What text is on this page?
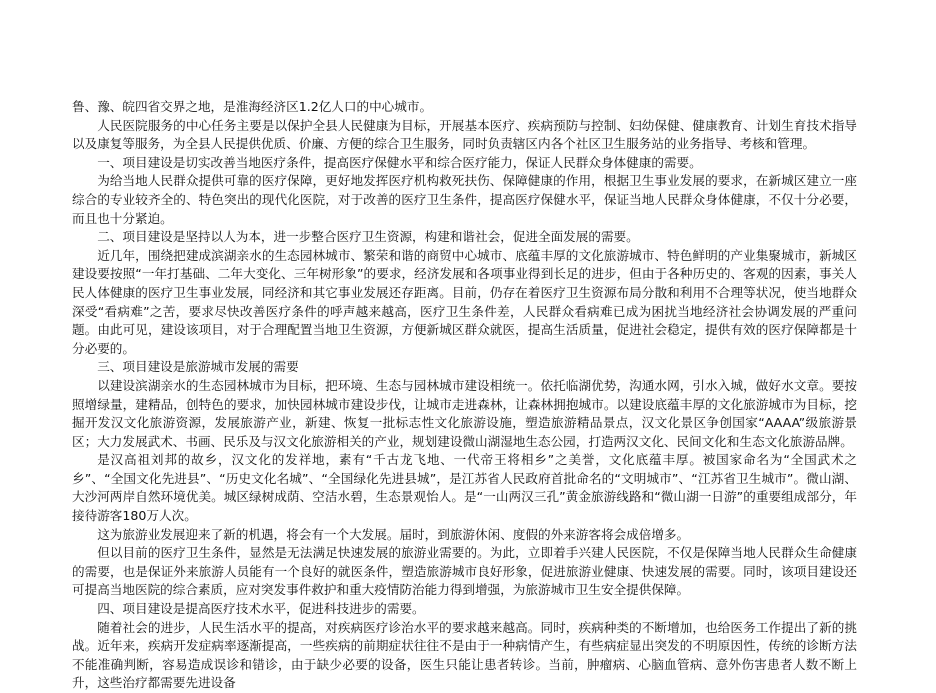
鲁、豫、皖四省交界之地，是淮海经济区1.2亿人口的中心城市。

人民医院服务的中心任务主要是以保护全县人民健康为目标，开展基本医疗、疾病预防与控制、妇幼保健、健康教育、计划生育技术指导以及康复等服务，为全县人民提供优质、价廉、方便的综合卫生服务，同时负责辖区内各个社区卫生服务站的业务指导、考核和管理。

一、项目建设是切实改善当地医疗条件，提高医疗保健水平和综合医疗能力，保证人民群众身体健康的需要。

为给当地人民群众提供可靠的医疗保障，更好地发挥医疗机构救死扶伤、保障健康的作用，根据卫生事业发展的要求，在新城区建立一座综合的专业较齐全的、特色突出的现代化医院，对于改善的医疗卫生条件，提高医疗保健水平，保证当地人民群众身体健康，不仅十分必要，而且也十分紧迫。

二、项目建设是坚持以人为本，进一步整合医疗卫生资源，构建和谐社会，促进全面发展的需要。

近几年，围绕把建成滨湖亲水的生态园林城市、繁荣和谐的商贸中心城市、底蕴丰厚的文化旅游城市、特色鲜明的产业集聚城市，新城区建设要按照“一年打基础、二年大变化、三年树形象”的要求，经济发展和各项事业得到长足的进步，但由于各种历史的、客观的因素，事关人民人体健康的医疗卫生事业发展，同经济和其它事业发展还存距离。目前，仍存在着医疗卫生资源布局分散和利用不合理等状况，使当地群众深受“看病难”之苦，要求尽快改善医疗条件的呼声越来越高，医疗卫生条件差，人民群众看病难已成为困扰当地经济社会协调发展的严重问题。由此可见，建设该项目，对于合理配置当地卫生资源，方便新城区群众就医，提高生活质量，促进社会稳定，提供有效的医疗保障都是十分必要的。

三、项目建设是旅游城市发展的需要

以建设滨湖亲水的生态园林城市为目标，把环境、生态与园林城市建设相统一。依托临湖优势，沟通水网，引水入城，做好水文章。要按照增绿量，建精品，创特色的要求，加快园林城市建设步伐，让城市走进森林，让森林拥抱城市。以建设底蕴丰厚的文化旅游城市为目标，挖掘开发汉文化旅游资源，发展旅游产业，新建、恢复一批标志性文化旅游设施，塑造旅游精品景点，汉文化景区争创国家“AAAA”级旅游景区；大力发展武术、书画、民乐及与汉文化旅游相关的产业，规划建设微山湖湿地生态公园，打造两汉文化、民间文化和生态文化旅游品牌。

是汉高祖刘邦的故乡，汉文化的发祥地，素有“千古龙飞地、一代帝王将相乡”之美誉，文化底蕴丰厚。被国家命名为“全国武术之乡”、“全国文化先进县”、“历史文化名城”、“全国绿化先进县城”，是江苏省人民政府首批命名的“文明城市”、“江苏省卫生城市”。微山湖、大沙河两岸自然环境优美。城区绿树成荫、空洁水碧，生态景观怡人。是“一山两汉三孔”黄金旅游线路和“微山湖一日游”的重要组成部分，年接待游客180万人次。

这为旅游业发展迎来了新的机遇，将会有一个大发展。届时，到旅游休闲、度假的外来游客将会成倍增多。

但以目前的医疗卫生条件，显然是无法满足快速发展的旅游业需要的。为此，立即着手兴建人民医院，不仅是保障当地人民群众生命健康的需要，也是保证外来旅游人员能有一个良好的就医条件，塑造旅游城市良好形象，促进旅游业健康、快速发展的需要。同时，该项目建设还可提高当地医院的综合素质，应对突发事件救护和重大疫情防治能力得到增强，为旅游城市卫生安全提供保障。

四、项目建设是提高医疗技术水平，促进科技进步的需要。

随着社会的进步，人民生活水平的提高，对疾病医疗诊治水平的要求越来越高。同时，疾病种类的不断增加，也给医务工作提出了新的挑战。近年来，疾病开发症病率逐渐提高，一些疾病的前期症状往往不是由于一种病情产生，有些病症显出突发的不明原因性，传统的诊断方法不能准确判断，容易造成误诊和错诊，由于缺少必要的设备，医生只能让患者转诊。当前，肿瘤病、心脑血管病、意外伤害患者人数不断上升，这些治疗都需要先进设备
